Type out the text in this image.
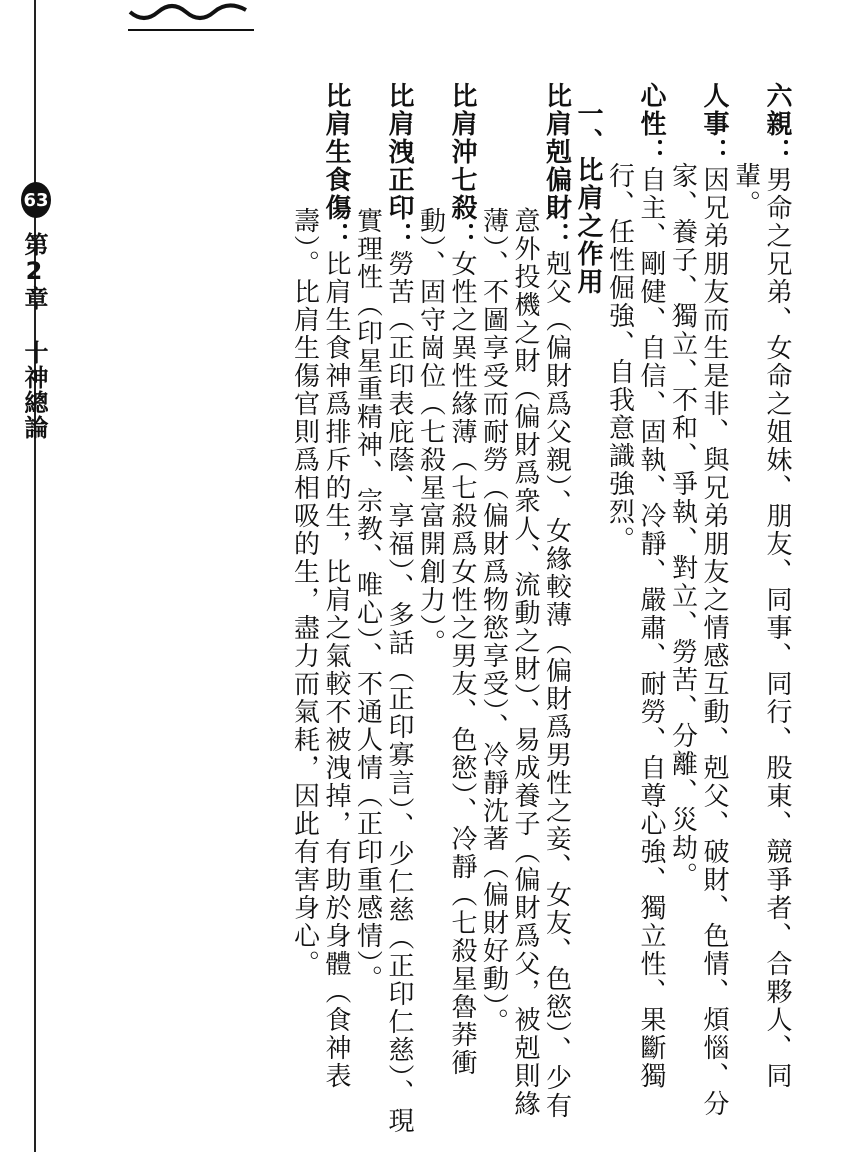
63
第2章 十神總論

六親：男命之兄弟、女命之姐妹、朋友、同事、同行、股東、競爭者、合夥人、同輩。

人事：因兄弟朋友而生是非、與兄弟朋友之情感互動、剋父、破財、色情、煩惱、分家、養子、獨立、不和、爭執、對立、勞苦、分離、災劫。

心性：自主、剛健、自信、固執、冷靜、嚴肅、耐勞、自尊心強、獨立性、果斷獨行、任性倔強、自我意識強烈。

一、比肩之作用

比肩剋偏財：剋父（偏財爲父親）、女緣較薄（偏財爲男性之妾、女友、色慾）、少有意外投機之財（偏財爲衆人、流動之財）、易成養子（偏財爲父，被剋則緣薄）、不圖享受而耐勞（偏財爲物慾享受）、冷靜沈著（偏財好動）。

比肩沖七殺：女性之異性緣薄（七殺爲女性之男友、色慾）、冷靜（七殺星魯莽衝動）、固守崗位（七殺星富開創力）。

比肩洩正印：勞苦（正印表庇蔭、享福）、多話（正印寡言）、少仁慈（正印仁慈）、現實理性（印星重精神、宗教、唯心）、不通人情（正印重感情）。

比肩生食傷：比肩生食神爲排斥的生，比肩之氣較不被洩掉，有助於身體（食神表壽）。比肩生傷官則爲相吸的生，盡力而氣耗，因此有害身心。
